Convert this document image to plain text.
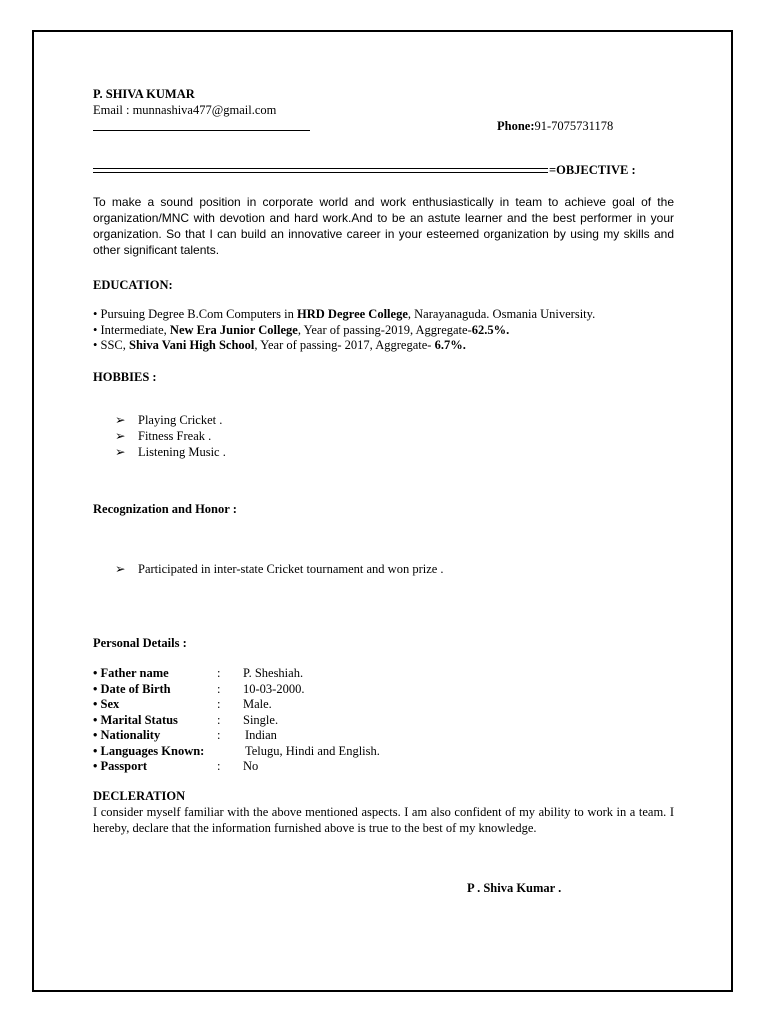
P. SHIVA KUMAR
Email : munnashiva477@gmail.com
Phone:91-7075731178
=OBJECTIVE :
To make a sound position in corporate world and work enthusiastically in team to achieve goal of the organization/MNC with devotion and hard work.And to be an astute learner and the best performer in your organization. So that I can build an innovative career in your esteemed organization by using my skills and other significant talents.
EDUCATION:
• Pursuing Degree B.Com Computers in HRD Degree College, Narayanaguda. Osmania University.
• Intermediate, New Era Junior College, Year of passing-2019, Aggregate-62.5%.
• SSC, Shiva Vani High School, Year of passing- 2017, Aggregate- 6.7%.
HOBBIES :
➢ Playing Cricket .
➢ Fitness Freak .
➢ Listening Music .
Recognization and Honor :
➢ Participated in inter-state Cricket tournament and won prize .
Personal Details :
• Father name	: P. Sheshiah.
• Date of Birth	: 10-03-2000.
• Sex	: Male.
• Marital Status	: Single.
• Nationality	: Indian
• Languages Known:	Telugu, Hindi and English.
• Passport	: No
DECLERATION
I consider myself familiar with the above mentioned aspects. I am also confident of my ability to work in a team. I hereby, declare that the information furnished above is true to the best of my knowledge.
P . Shiva Kumar .
